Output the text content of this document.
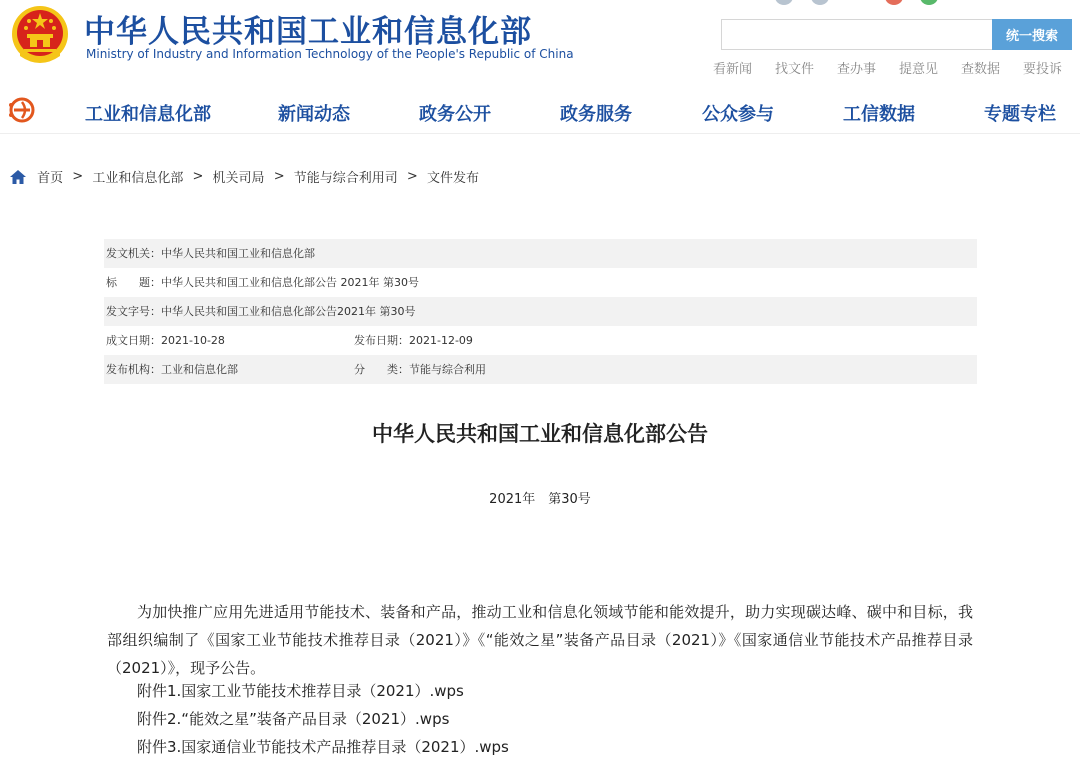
中华人民共和国工业和信息化部
Ministry of Industry and Information Technology of the People's Republic of China
统一搜索
看新闻 找文件 查办事 提意见 查数据 要投诉
工业和信息化部	新闻动态	政务公开	政务服务	公众参与	工信数据	专题专栏
首页 > 工业和信息化部 > 机关司局 > 节能与综合利用司 > 文件发布
发文机关：中华人民共和国工业和信息化部
标　　题：中华人民共和国工业和信息化部公告 2021年 第30号
发文字号：中华人民共和国工业和信息化部公告2021年 第30号
成文日期：2021-10-28	发布日期：2021-12-09
发布机构：工业和信息化部	分　　类：节能与综合利用
中华人民共和国工业和信息化部公告
2021年　第30号

为加快推广应用先进适用节能技术、装备和产品，推动工业和信息化领域节能和能效提升，助力实现碳达峰、碳中和目标，我部组织编制了《国家工业节能技术推荐目录（2021）》《“能效之星”装备产品目录（2021）》《国家通信业节能技术产品推荐目录（2021）》，现予公告。

附件1.国家工业节能技术推荐目录（2021）.wps
附件2.“能效之星”装备产品目录（2021）.wps
附件3.国家通信业节能技术产品推荐目录（2021）.wps
